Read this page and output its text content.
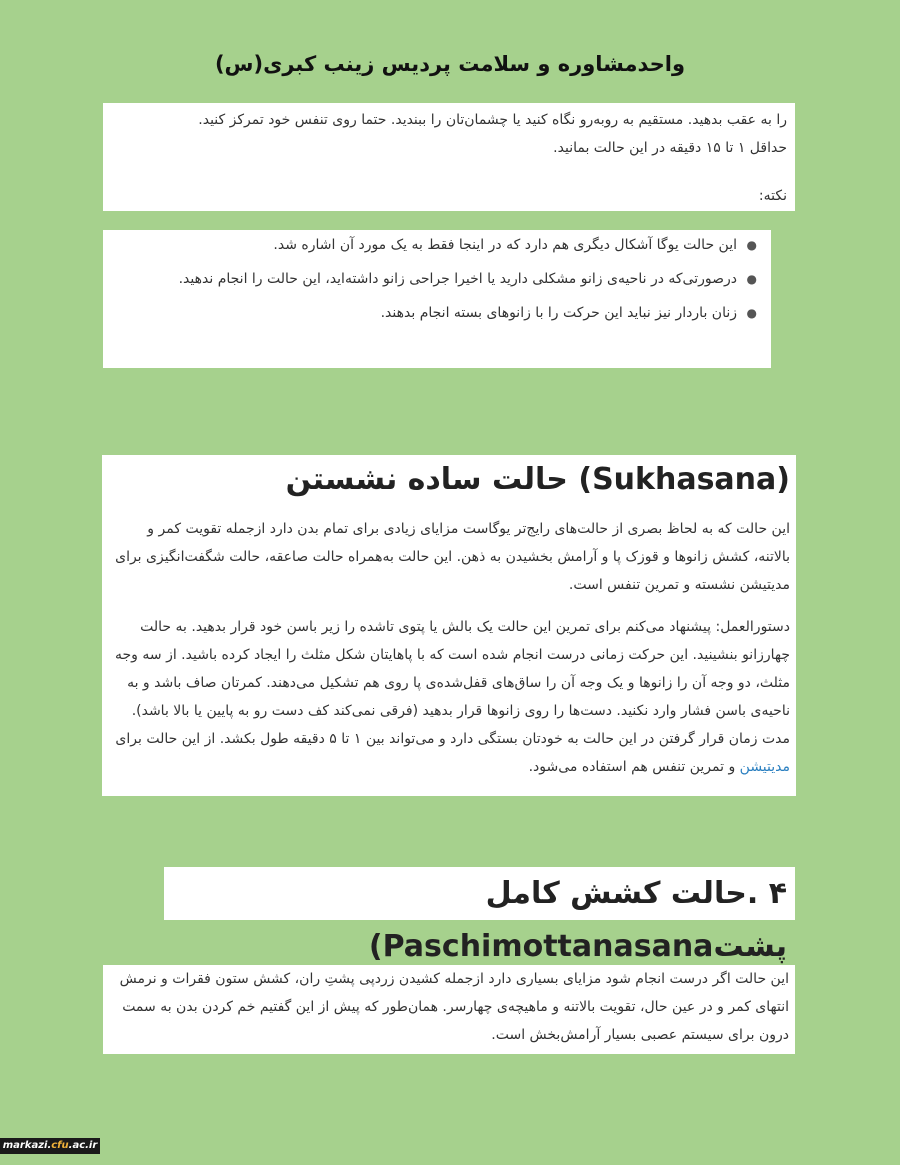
واحدمشاوره و سلامت پردیس زینب کبری(س)

را به عقب بدهید. مستقیم به روبه‌رو نگاه کنید یا چشمان‌تان را ببندید. حتما روی تنفس خود تمرکز کنید.

حداقل ۱ تا ۱۵ دقیقه در این حالت بمانید.

نکته:

●
این حالت یوگا آشکال دیگری هم دارد که در اینجا فقط به یک مورد آن اشاره شد.
●
درصورتی‌که در ناحیه‌ی زانو مشکلی دارید یا اخیرا جراحی زانو داشته‌اید، این حالت را انجام ندهید.
●
زنان باردار نیز نباید این حرکت را با زانوهای بسته انجام بدهند.
(Sukhasana) حالت ساده نشستن

این حالت که به لحاظ بصری از حالت‌های رایج‌تر یوگاست مزایای زیادی برای تمام بدن دارد ازجمله تقویت کمر و بالاتنه، کشش زانوها و قوزک پا و آرامش بخشیدن به ذهن. این حالت به‌همراه حالت صاعقه، حالت شگفت‌انگیزی برای مدیتیشن نشسته و تمرین تنفس است.

دستورالعمل: پیشنهاد می‌کنم برای تمرین این حالت یک بالش یا پتوی تاشده را زیر باسن خود قرار بدهید. به حالت چهارزانو بنشینید. این حرکت زمانی درست انجام شده است که با پاهایتان شکل مثلث را ایجاد کرده باشید. از سه وجه مثلث، دو وجه آن را زانوها و یک وجه آن را ساق‌های قفل‌شده‌ی پا روی هم تشکیل می‌دهند. کمرتان صاف باشد و به ناحیه‌ی باسن فشار وارد نکنید. دست‌ها را روی زانوها قرار بدهید (فرقی نمی‌کند کف دست رو به پایین یا بالا باشد). مدت زمان قرار گرفتن در این حالت به خودتان بستگی دارد و می‌تواند بین ۱ تا ۵ دقیقه طول بکشد. از این حالت برای مدیتیشن و تمرین تنفس هم استفاده می‌شود.

۴ .حالت کشش کامل پشتPaschimottanasana)

این حالت اگر درست انجام شود مزایای بسیاری دارد ازجمله کشیدن زردپی پشتِ ران، کشش ستون فقرات و نرمش انتهای کمر و در عین حال، تقویت بالاتنه و ماهیچه‌ی چهارسر. همان‌طور که پیش از این گفتیم خم کردن بدن به سمت درون برای سیستم عصبی بسیار آرامش‌بخش است.

markazi.cfu.ac.ir
